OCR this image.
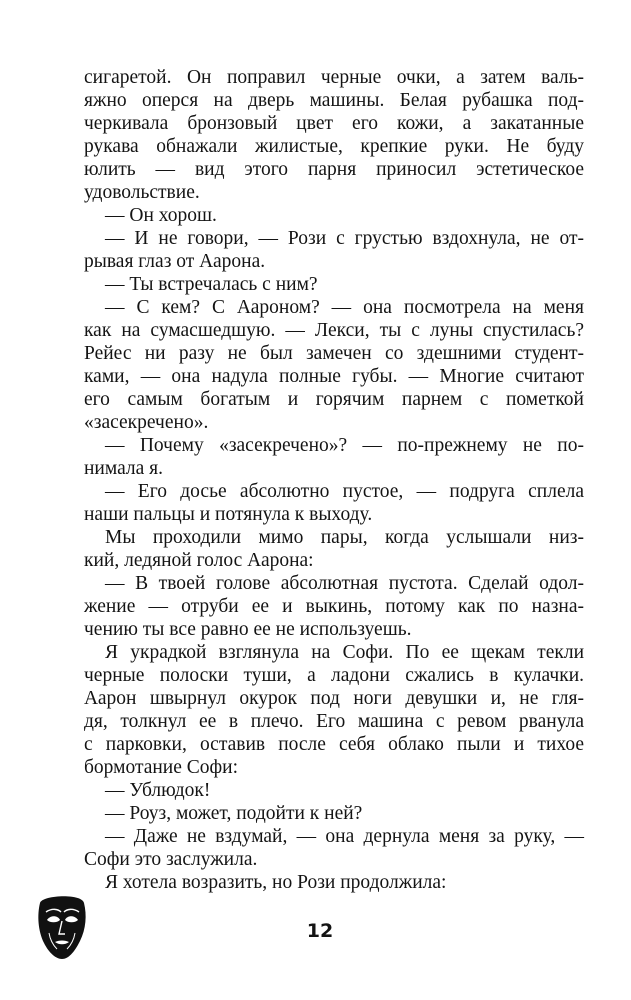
сигаретой. Он поправил черные очки, а затем валь-
яжно оперся на дверь машины. Белая рубашка под-
черкивала бронзовый цвет его кожи, а закатанные
рукава обнажали жилистые, крепкие руки. Не буду
юлить — вид этого парня приносил эстетическое
удовольствие.
— Он хорош.
— И не говори, — Рози с грустью вздохнула, не от-
рывая глаз от Аарона.
— Ты встречалась с ним?
— С кем? С Аароном? — она посмотрела на меня
как на сумасшедшую. — Лекси, ты с луны спустилась?
Рейес ни разу не был замечен со здешними студент-
ками, — она надула полные губы. — Многие считают
его самым богатым и горячим парнем с пометкой
«засекречено».
— Почему «засекречено»? — по-прежнему не по-
нимала я.
— Его досье абсолютно пустое, — подруга сплела
наши пальцы и потянула к выходу.
Мы проходили мимо пары, когда услышали низ-
кий, ледяной голос Аарона:
— В твоей голове абсолютная пустота. Сделай одол-
жение — отруби ее и выкинь, потому как по назна-
чению ты все равно ее не используешь.
Я украдкой взглянула на Софи. По ее щекам текли
черные полоски туши, а ладони сжались в кулачки.
Аарон швырнул окурок под ноги девушки и, не гля-
дя, толкнул ее в плечо. Его машина с ревом рванула
с парковки, оставив после себя облако пыли и тихое
бормотание Софи:
— Ублюдок!
— Роуз, может, подойти к ней?
— Даже не вздумай, — она дернула меня за руку, —
Софи это заслужила.
Я хотела возразить, но Рози продолжила:
12
